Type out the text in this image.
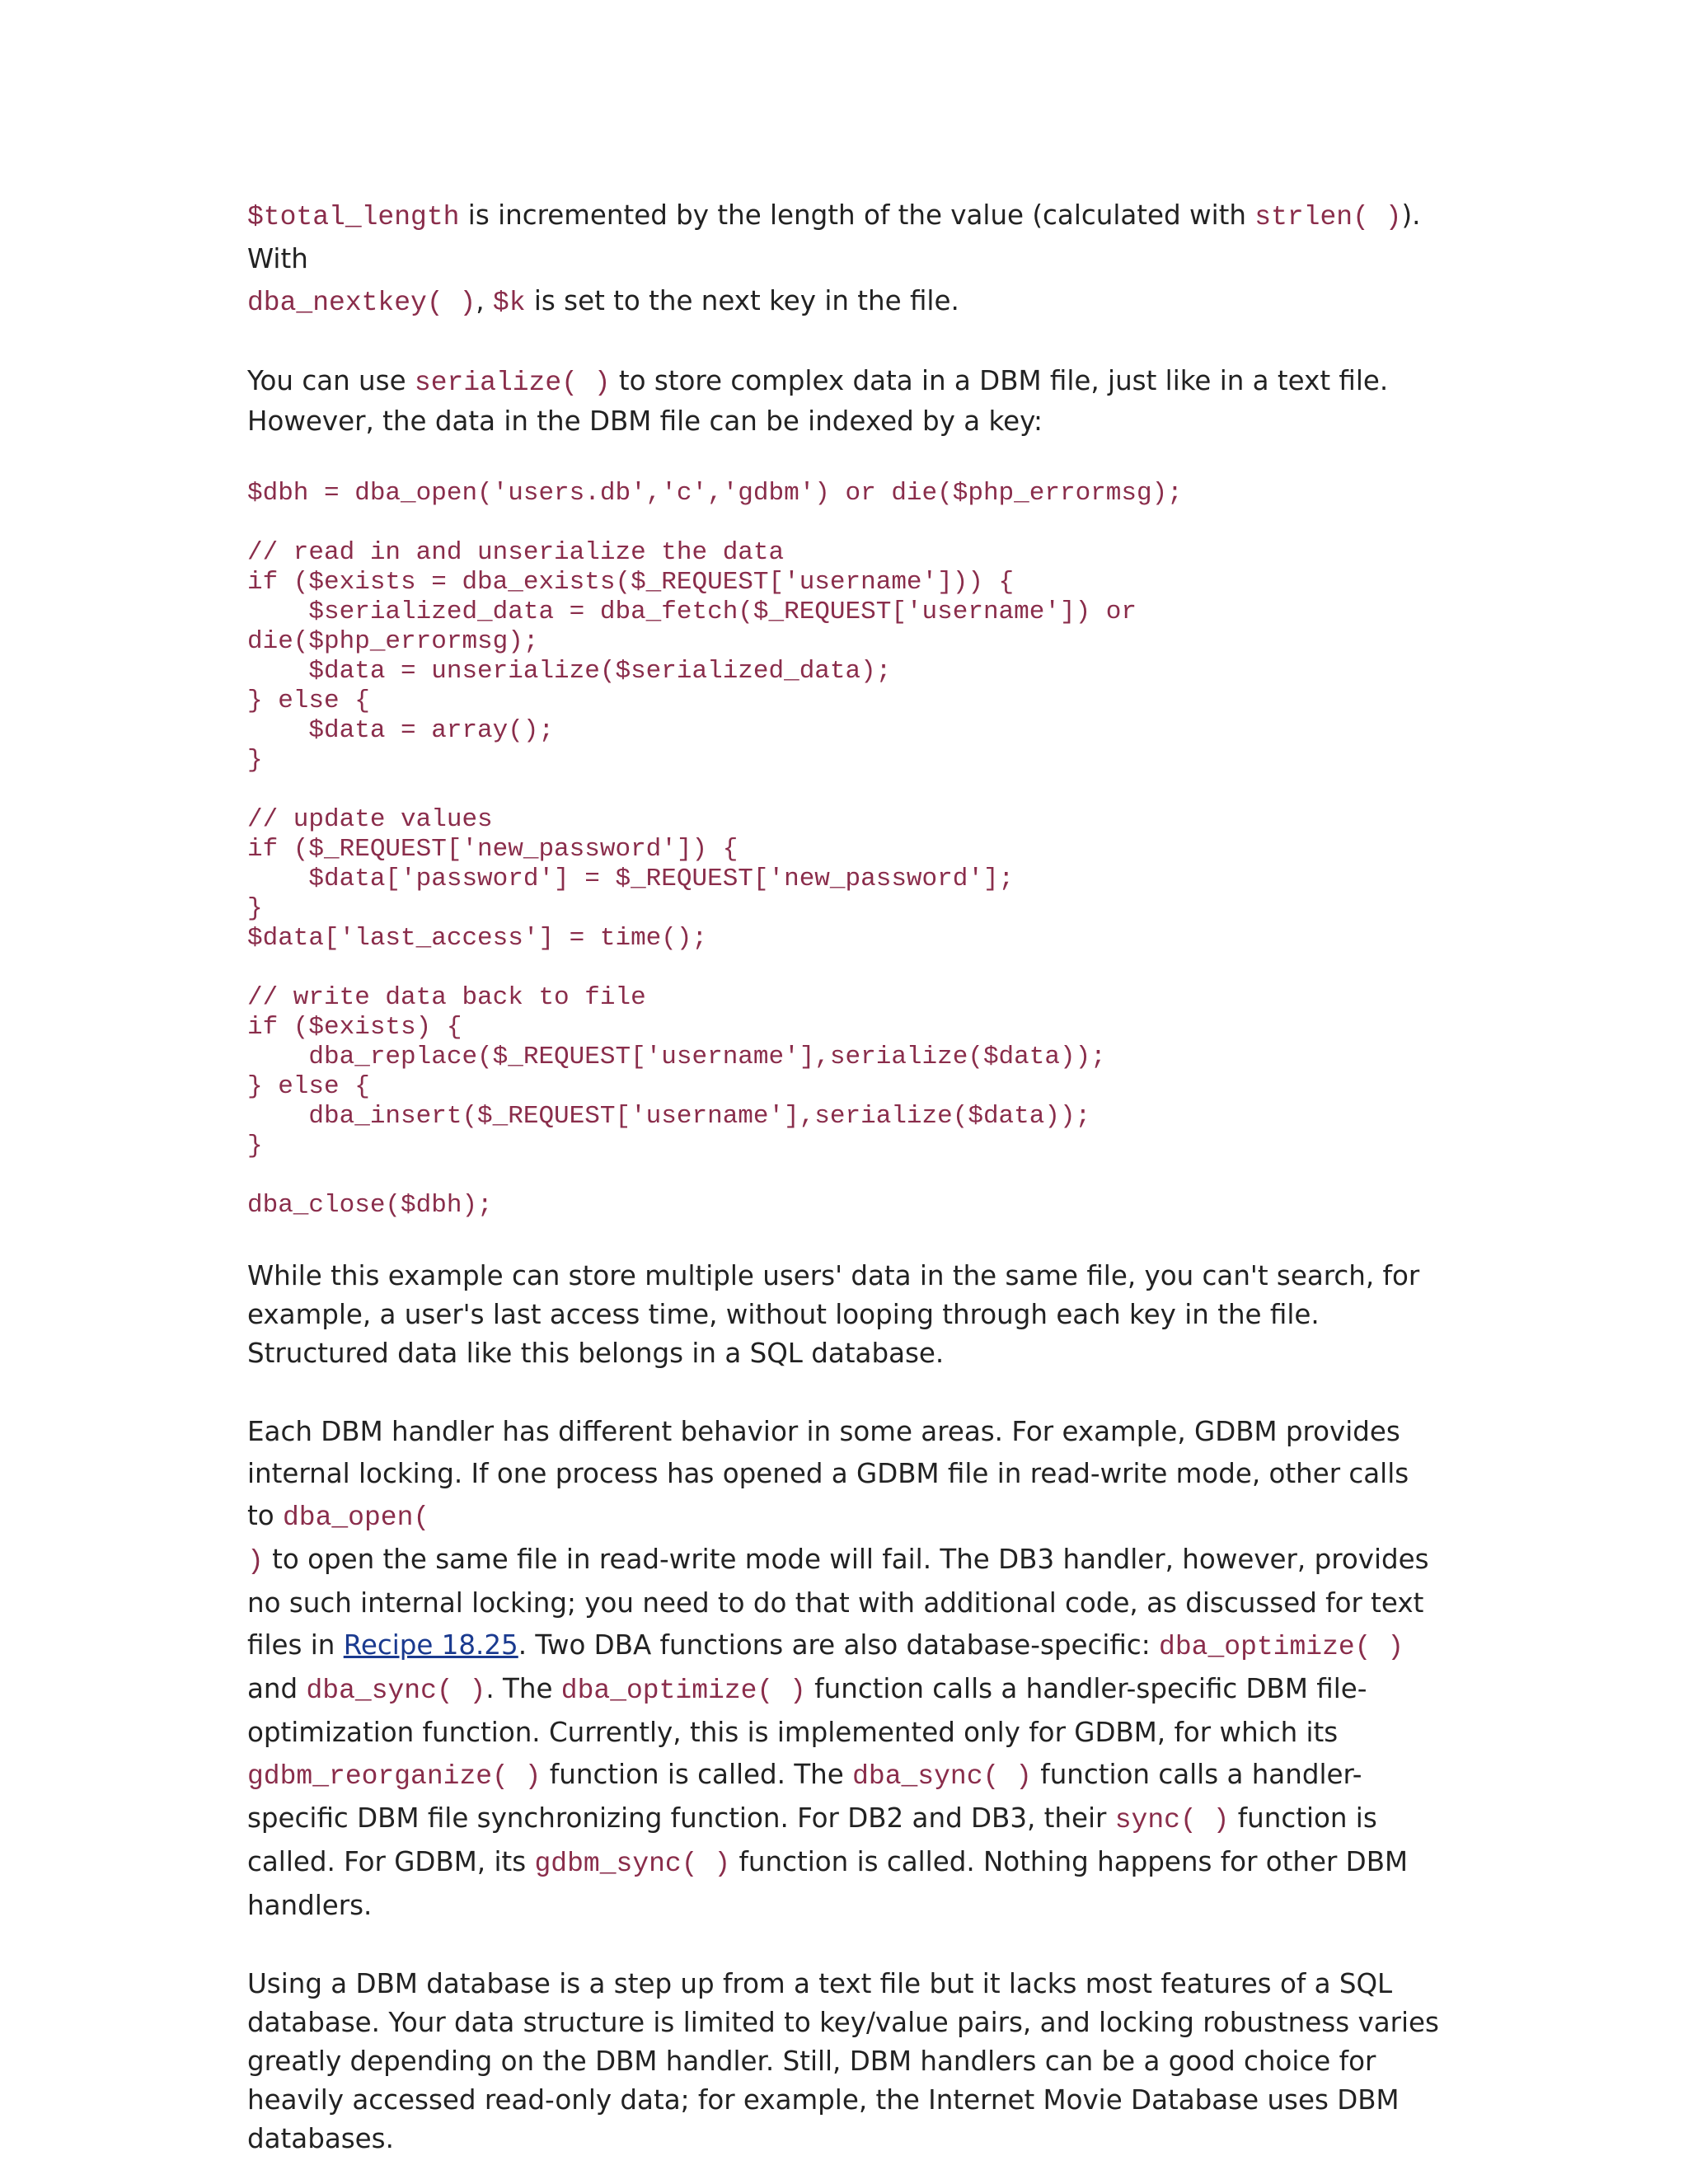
$total_length is incremented by the length of the value (calculated with strlen( )). With
dba_nextkey( ), $k is set to the next key in the file.

You can use serialize( ) to store complex data in a DBM file, just like in a text file. However, the data in the DBM file can be indexed by a key:

$dbh = dba_open('users.db','c','gdbm') or die($php_errormsg);
// read in and unserialize the data
if ($exists = dba_exists($_REQUEST['username'])) {
$serialized_data = dba_fetch($_REQUEST['username']) or
die($php_errormsg);
$data = unserialize($serialized_data);
} else {
$data = array();
}
// update values
if ($_REQUEST['new_password']) {
$data['password'] = $_REQUEST['new_password'];
}
$data['last_access'] = time();
// write data back to file
if ($exists) {
dba_replace($_REQUEST['username'],serialize($data));
} else {
dba_insert($_REQUEST['username'],serialize($data));
}
dba_close($dbh);

While this example can store multiple users' data in the same file, you can't search, for example, a user's last access time, without looping through each key in the file. Structured data like this belongs in a SQL database.

Each DBM handler has different behavior in some areas. For example, GDBM provides internal locking. If one process has opened a GDBM file in read-write mode, other calls to dba_open(
) to open the same file in read-write mode will fail. The DB3 handler, however, provides no such internal locking; you need to do that with additional code, as discussed for text files in Recipe 18.25. Two DBA functions are also database-specific: dba_optimize( ) and dba_sync( ). The dba_optimize( ) function calls a handler-specific DBM file-optimization function. Currently, this is implemented only for GDBM, for which its gdbm_reorganize( ) function is called. The dba_sync( ) function calls a handler-specific DBM file synchronizing function. For DB2 and DB3, their sync( ) function is called. For GDBM, its gdbm_sync( ) function is called. Nothing happens for other DBM handlers.

Using a DBM database is a step up from a text file but it lacks most features of a SQL database. Your data structure is limited to key/value pairs, and locking robustness varies greatly depending on the DBM handler. Still, DBM handlers can be a good choice for heavily accessed read-only data; for example, the Internet Movie Database uses DBM databases.
